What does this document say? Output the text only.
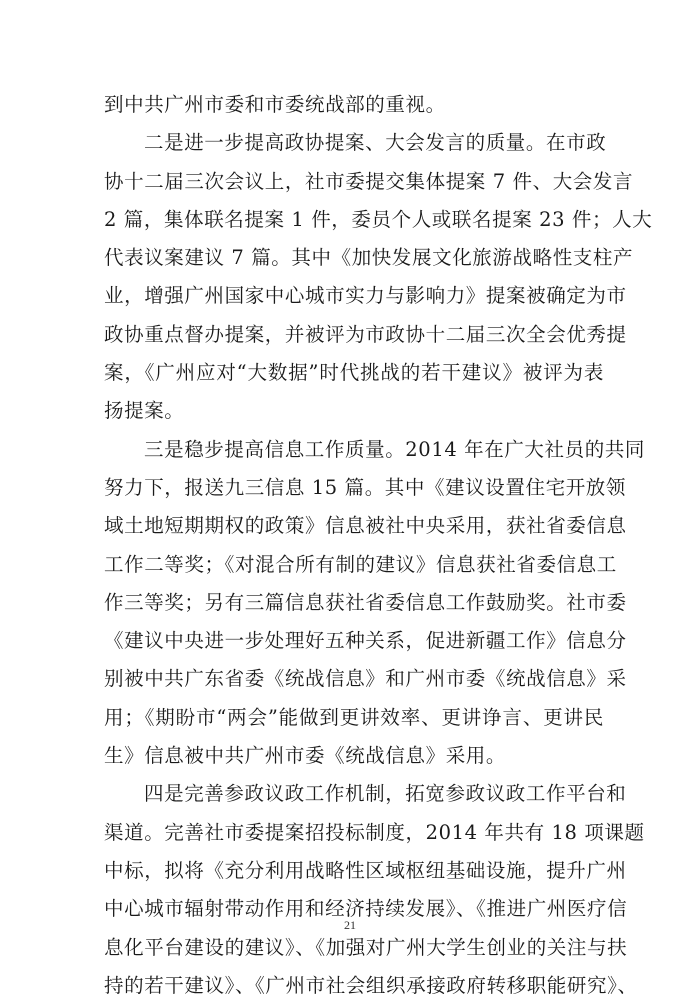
到中共广州市委和市委统战部的重视。
二是进一步提高政协提案、大会发言的质量。在市政
协十二届三次会议上，社市委提交集体提案 7 件、大会发言
2 篇，集体联名提案 1 件，委员个人或联名提案 23 件；人大
代表议案建议 7 篇。其中《加快发展文化旅游战略性支柱产
业，增强广州国家中心城市实力与影响力》提案被确定为市
政协重点督办提案，并被评为市政协十二届三次全会优秀提
案，《广州应对“大数据”时代挑战的若干建议》被评为表
扬提案。
三是稳步提高信息工作质量。2014 年在广大社员的共同
努力下，报送九三信息 15 篇。其中《建议设置住宅开放领
域土地短期期权的政策》信息被社中央采用，获社省委信息
工作二等奖；《对混合所有制的建议》信息获社省委信息工
作三等奖；另有三篇信息获社省委信息工作鼓励奖。社市委
《建议中央进一步处理好五种关系，促进新疆工作》信息分
别被中共广东省委《统战信息》和广州市委《统战信息》采
用；《期盼市“两会”能做到更讲效率、更讲诤言、更讲民
生》信息被中共广州市委《统战信息》采用。
四是完善参政议政工作机制，拓宽参政议政工作平台和
渠道。完善社市委提案招投标制度，2014 年共有 18 项课题
中标，拟将《充分利用战略性区域枢纽基础设施，提升广州
中心城市辐射带动作用和经济持续发展》、《推进广州医疗信
息化平台建设的建议》、《加强对广州大学生创业的关注与扶
持的若干建议》、《广州市社会组织承接政府转移职能研究》、
21
